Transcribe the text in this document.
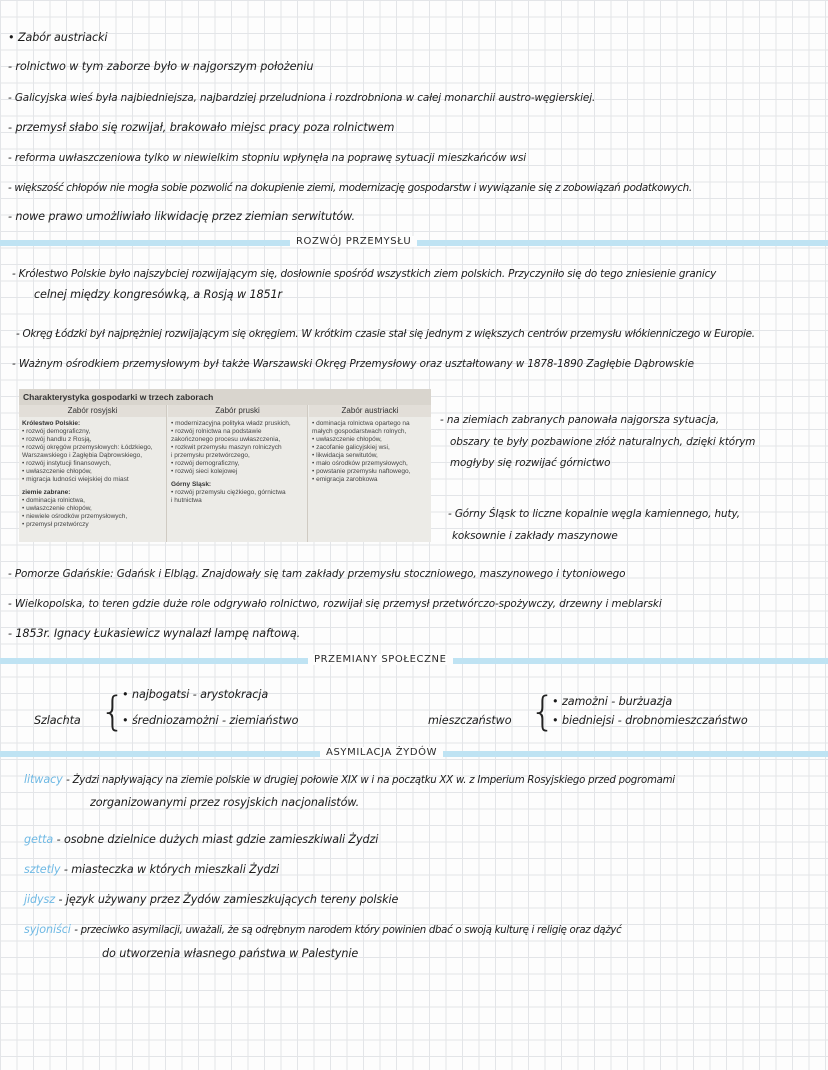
• Zabór austriacki
- rolnictwo w tym zaborze było w najgorszym położeniu
- Galicyjska wieś była najbiedniejsza, najbardziej przeludniona i rozdrobniona w całej monarchii austro-węgierskiej.
- przemysł słabo się rozwijał, brakowało miejsc pracy poza rolnictwem
- reforma uwłaszczeniowa tylko w niewielkim stopniu wpłynęła na poprawę sytuacji mieszkańców wsi
- większość chłopów nie mogła sobie pozwolić na dokupienie ziemi, modernizację gospodarstw i wywiązanie się z zobowiązań podatkowych.
- nowe prawo umożliwiało likwidację przez ziemian serwitutów.
ROZWÓJ PRZEMYSŁU
- Królestwo Polskie było najszybciej rozwijającym się, dosłownie spośród wszystkich ziem polskich. Przyczyniło się do tego zniesienie granicy
celnej między kongresówką, a Rosją w 1851r
- Okręg Łódzki był najprężniej rozwijającym się okręgiem. W krótkim czasie stał się jednym z większych centrów przemysłu włókienniczego w Europie.
- Ważnym ośrodkiem przemysłowym był także Warszawski Okręg Przemysłowy oraz uształtowany w 1878-1890 Zagłębie Dąbrowskie
Charakterystyka gospodarki w trzech zaborach
Zabór rosyjski
Królestwo Polskie:
• rozwój demograficzny,
• rozwój handlu z Rosją,
• rozwój okręgów przemysłowych: Łódzkiego,
Warszawskiego i Zagłębia Dąbrowskiego,
• rozwój instytucji finansowych,
• uwłaszczenie chłopów,
• migracja ludności wiejskiej do miast
ziemie zabrane:
• dominacja rolnictwa,
• uwłaszczenie chłopów,
• niewiele ośrodków przemysłowych,
• przemysł przetwórczy
Zabór pruski
• modernizacyjna polityka władz pruskich,
• rozwój rolnictwa na podstawie
zakończonego procesu uwłaszczenia,
• rozkwit przemysłu maszyn rolniczych
i przemysłu przetwórczego,
• rozwój demograficzny,
• rozwój sieci kolejowej
Górny Śląsk:
• rozwój przemysłu ciężkiego, górnictwa
i hutnictwa
Zabór austriacki
• dominacja rolnictwa opartego na
małych gospodarstwach rolnych,
• uwłaszczenie chłopów,
• zacofanie galicyjskiej wsi,
• likwidacja serwitutów,
• mało ośrodków przemysłowych,
• powstanie przemysłu naftowego,
• emigracja zarobkowa
- na ziemiach zabranych panowała najgorsza sytuacja,
obszary te były pozbawione złóż naturalnych, dzięki którym
mogłyby się rozwijać górnictwo
- Górny Śląsk to liczne kopalnie węgla kamiennego, huty,
koksownie i zakłady maszynowe
- Pomorze Gdańskie: Gdańsk i Elbląg. Znajdowały się tam zakłady przemysłu stoczniowego, maszynowego i tytoniowego
- Wielkopolska, to teren gdzie duże role odgrywało rolnictwo, rozwijał się przemysł przetwórczo-spożywczy, drzewny i meblarski
- 1853r. Ignacy Łukasiewicz wynalazł lampę naftową.
PRZEMIANY SPOŁECZNE
Szlachta {
• najbogatsi - arystokracja
• średniozamożni - ziemiaństwo	mieszczaństwo {
• zamożni - burżuazja
• biedniejsi - drobnomieszczaństwo
ASYMILACJA ŻYDÓW
litwacy - Żydzi napływający na ziemie polskie w drugiej połowie XIX w i na początku XX w. z Imperium Rosyjskiego przed pogromami
zorganizowanymi przez rosyjskich nacjonalistów.
getta - osobne dzielnice dużych miast gdzie zamieszkiwali Żydzi
sztetly - miasteczka w których mieszkali Żydzi
jidysz - język używany przez Żydów zamieszkujących tereny polskie
syjoniści - przeciwko asymilacji, uważali, że są odrębnym narodem który powinien dbać o swoją kulturę i religię oraz dążyć
do utworzenia własnego państwa w Palestynie
